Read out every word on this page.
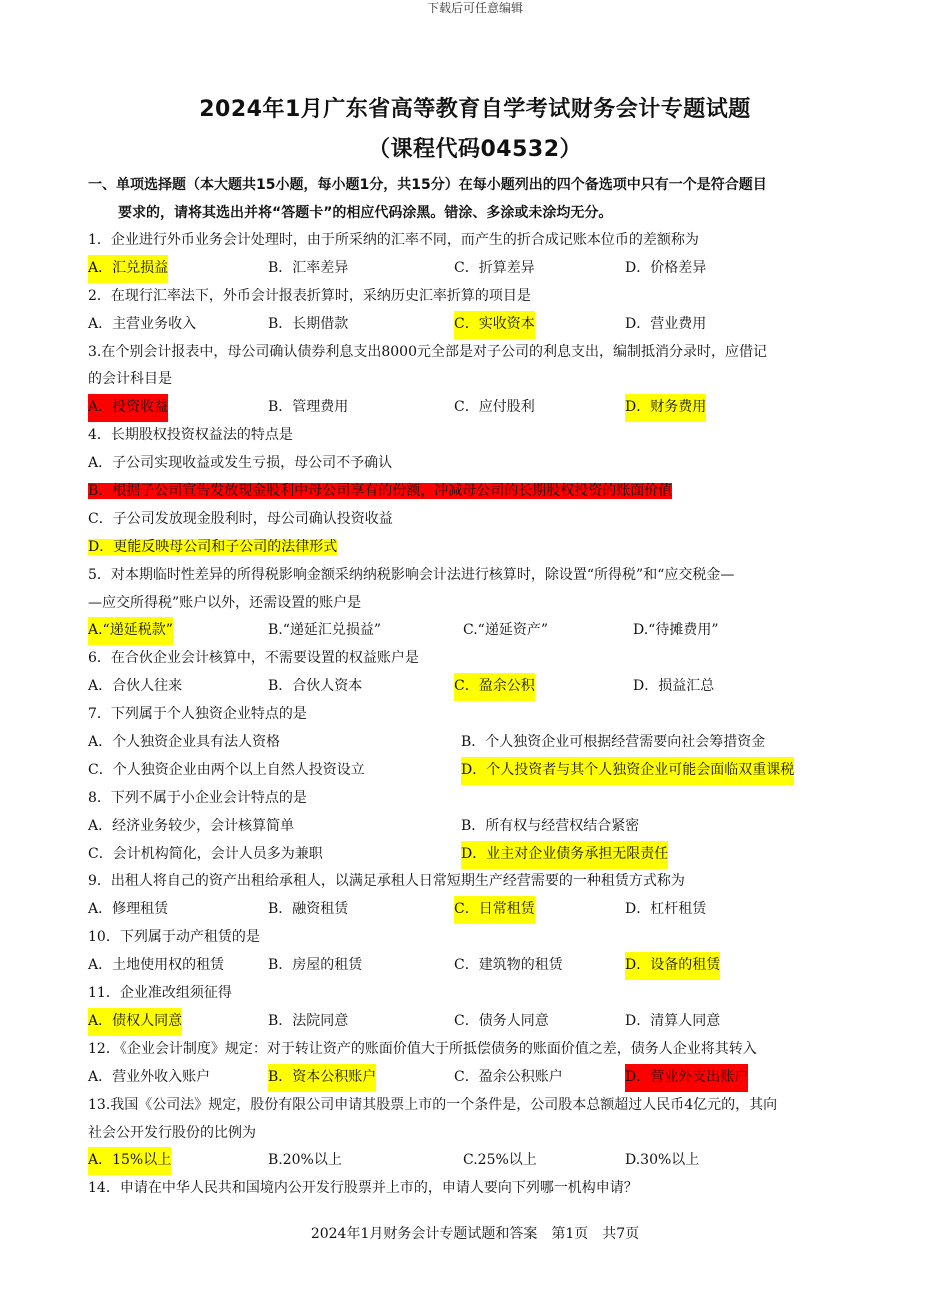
下载后可任意编辑
2024年1月广东省高等教育自学考试财务会计专题试题
（课程代码04532）
一、单项选择题（本大题共15小题，每小题1分，共15分）在每小题列出的四个备选项中只有一个是符合题目
要求的，请将其选出并将“答题卡”的相应代码涂黑。错涂、多涂或未涂均无分。
1．企业进行外币业务会计处理时，由于所采纳的汇率不同，而产生的折合成记账本位币的差额称为
A．汇兑损益	B．汇率差异	C．折算差异	D．价格差异
2．在现行汇率法下，外币会计报表折算时，采纳历史汇率折算的项目是
A．主营业务收入	B．长期借款	C．实收资本	D．营业费用
3.在个别会计报表中，母公司确认债券利息支出8000元全部是对子公司的利息支出，编制抵消分录时，应借记
的会计科目是
A．投资收益	B．管理费用	C．应付股利	D．财务费用
4．长期股权投资权益法的特点是
A．子公司实现收益或发生亏损，母公司不予确认
B．根据子公司宣告发放现金股利中母公司享有的份额，冲减母公司的长期股权投资的账面价值
C．子公司发放现金股利时，母公司确认投资收益
D．更能反映母公司和子公司的法律形式
5．对本期临时性差异的所得税影响金额采纳纳税影响会计法进行核算时，除设置“所得税”和“应交税金—
—应交所得税”账户以外，还需设置的账户是
A.“递延税款”	B.“递延汇兑损益”	C.“递延资产”	D.“待摊费用”
6．在合伙企业会计核算中，不需要设置的权益账户是
A．合伙人往来	B．合伙人资本	C．盈余公积	D．损益汇总
7．下列属于个人独资企业特点的是
A．个人独资企业具有法人资格	B．个人独资企业可根据经营需要向社会筹措资金
C．个人独资企业由两个以上自然人投资设立	D．个人投资者与其个人独资企业可能会面临双重课税
8．下列不属于小企业会计特点的是
A．经济业务较少，会计核算简单	B．所有权与经营权结合紧密
C．会计机构简化，会计人员多为兼职	D．业主对企业债务承担无限责任
9．出租人将自己的资产出租给承租人，以满足承租人日常短期生产经营需要的一种租赁方式称为
A．修理租赁	B．融资租赁	C．日常租赁	D．杠杆租赁
10．下列属于动产租赁的是
A．土地使用权的租赁	B．房屋的租赁	C．建筑物的租赁	D．设备的租赁
11．企业准改组须征得
A．债权人同意	B．法院同意	C．债务人同意	D．清算人同意
12．《企业会计制度》规定：对于转让资产的账面价值大于所抵偿债务的账面价值之差，债务人企业将其转入
A．营业外收入账户	B．资本公积账户	C．盈余公积账户	D．营业外支出账户
13.我国《公司法》规定，股份有限公司申请其股票上市的一个条件是，公司股本总额超过人民币4亿元的，其向
社会公开发行股份的比例为
A．15%以上	B.20%以上	C.25%以上	D.30%以上
14．申请在中华人民共和国境内公开发行股票并上市的，申请人要向下列哪一机构申请？
2024年1月财务会计专题试题和答案　第1页　共7页
